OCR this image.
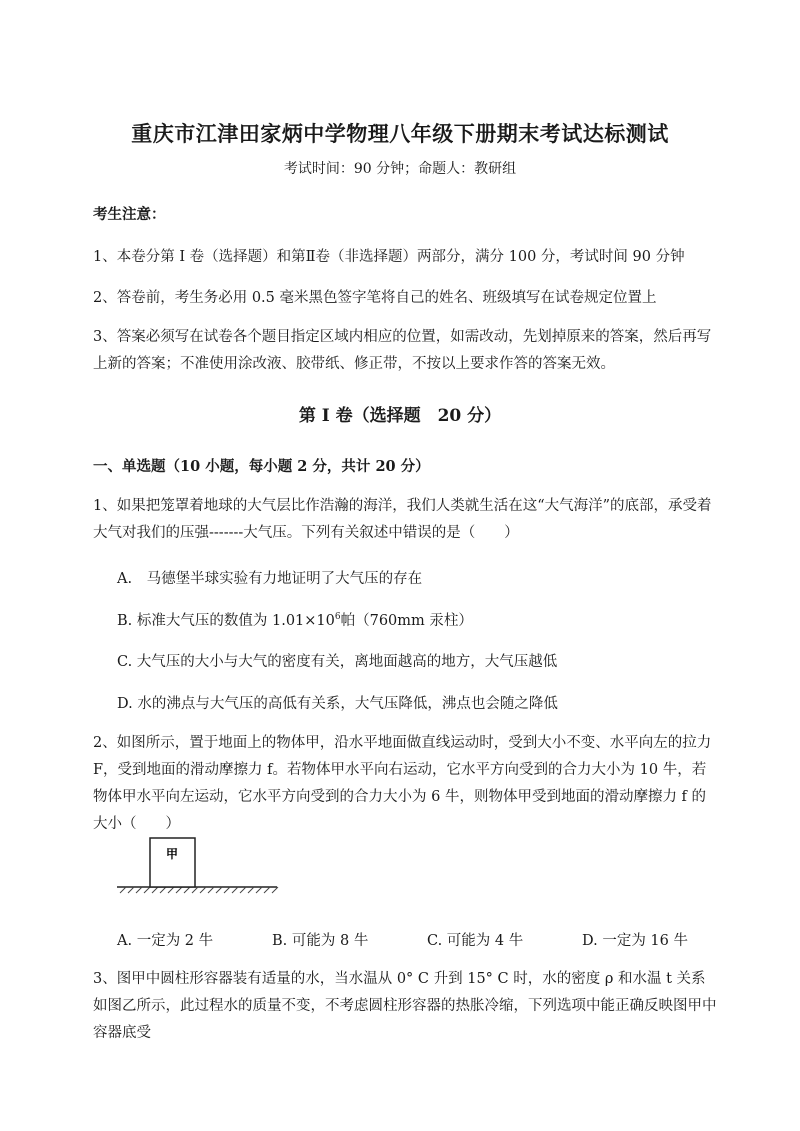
重庆市江津田家炳中学物理八年级下册期末考试达标测试
考试时间：90 分钟；命题人：教研组
考生注意：
1、本卷分第 I 卷（选择题）和第Ⅱ卷（非选择题）两部分，满分 100 分，考试时间 90 分钟
2、答卷前，考生务必用 0.5 毫米黑色签字笔将自己的姓名、班级填写在试卷规定位置上
3、答案必须写在试卷各个题目指定区域内相应的位置，如需改动，先划掉原来的答案，然后再写上新的答案；不准使用涂改液、胶带纸、修正带，不按以上要求作答的答案无效。
第 I 卷（选择题　20 分）
一、单选题（10 小题，每小题 2 分，共计 20 分）
1、如果把笼罩着地球的大气层比作浩瀚的海洋，我们人类就生活在这“大气海洋”的底部，承受着大气对我们的压强-------大气压。下列有关叙述中错误的是（　　）
A.　马德堡半球实验有力地证明了大气压的存在
B. 标准大气压的数值为 $1.01\times 10^6$帕（760mm 汞柱）
C. 大气压的大小与大气的密度有关，离地面越高的地方，大气压越低
D. 水的沸点与大气压的高低有关系，大气压降低，沸点也会随之降低
2、如图所示，置于地面上的物体甲，沿水平地面做直线运动时，受到大小不变、水平向左的拉力 F，受到地面的滑动摩擦力 f。若物体甲水平向右运动，它水平方向受到的合力大小为 10 牛，若物体甲水平向左运动，它水平方向受到的合力大小为 6 牛，则物体甲受到地面的滑动摩擦力 f 的大小（　　）
甲
A. 一定为 2 牛	B. 可能为 8 牛	C. 可能为 4 牛	D. 一定为 16 牛
3、图甲中圆柱形容器装有适量的水，当水温从 0° C 升到 15° C 时，水的密度 ρ 和水温 t 关系如图乙所示，此过程水的质量不变，不考虑圆柱形容器的热胀冷缩，下列选项中能正确反映图甲中容器底受
